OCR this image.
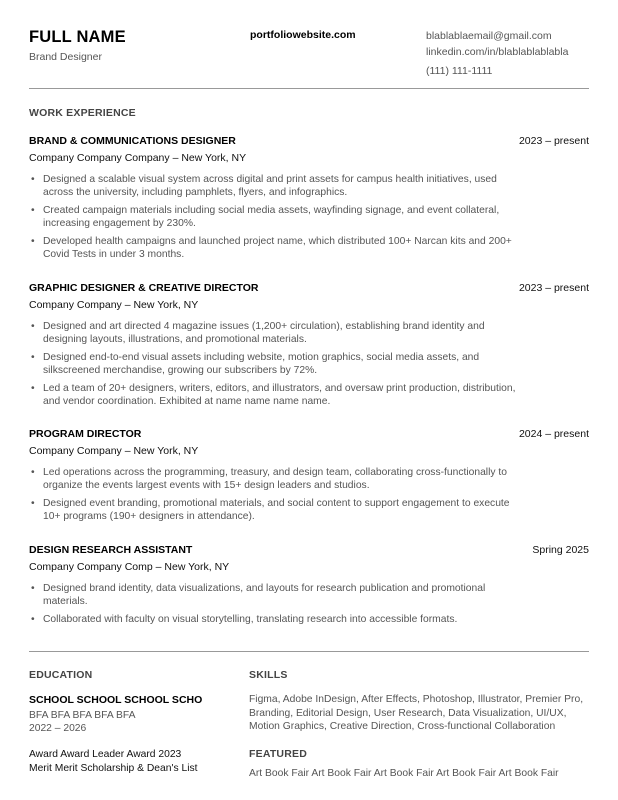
FULL NAME
Brand Designer
portfoliowebsite.com	blablablaemail@gmail.com
linkedin.com/in/blablablablabla
(111) 111-1111
WORK EXPERIENCE
BRAND & COMMUNICATIONS DESIGNER	2023 – present
Company Company Company – New York, NY
• Designed a scalable visual system across digital and print assets for campus health initiatives, used across the university, including pamphlets, flyers, and infographics.
• Created campaign materials including social media assets, wayfinding signage, and event collateral, increasing engagement by 230%.
• Developed health campaigns and launched project name, which distributed 100+ Narcan kits and 200+ Covid Tests in under 3 months.
GRAPHIC DESIGNER & CREATIVE DIRECTOR	2023 – present
Company Company – New York, NY
• Designed and art directed 4 magazine issues (1,200+ circulation), establishing brand identity and designing layouts, illustrations, and promotional materials.
• Designed end-to-end visual assets including website, motion graphics, social media assets, and silkscreened merchandise, growing our subscribers by 72%.
• Led a team of 20+ designers, writers, editors, and illustrators, and oversaw print production, distribution, and vendor coordination. Exhibited at name name name name.
PROGRAM DIRECTOR	2024 – present
Company Company – New York, NY
• Led operations across the programming, treasury, and design team, collaborating cross-functionally to organize the events largest events with 15+ design leaders and studios.
• Designed event branding, promotional materials, and social content to support engagement to execute 10+ programs (190+ designers in attendance).
DESIGN RESEARCH ASSISTANT	Spring 2025
Company Company Comp – New York, NY
• Designed brand identity, data visualizations, and layouts for research publication and promotional materials.
• Collaborated with faculty on visual storytelling, translating research into accessible formats.
EDUCATION
SCHOOL SCHOOL SCHOOL SCHO
BFA BFA BFA BFA BFA
2022 – 2026
Award Award Leader Award 2023
Merit Merit Scholarship & Dean's List
SKILLS
Figma, Adobe InDesign, After Effects, Photoshop, Illustrator, Premier Pro, Branding, Editorial Design, User Research, Data Visualization, UI/UX, Motion Graphics, Creative Direction, Cross-functional Collaboration
FEATURED
Art Book Fair Art Book Fair Art Book Fair Art Book Fair Art Book Fair
